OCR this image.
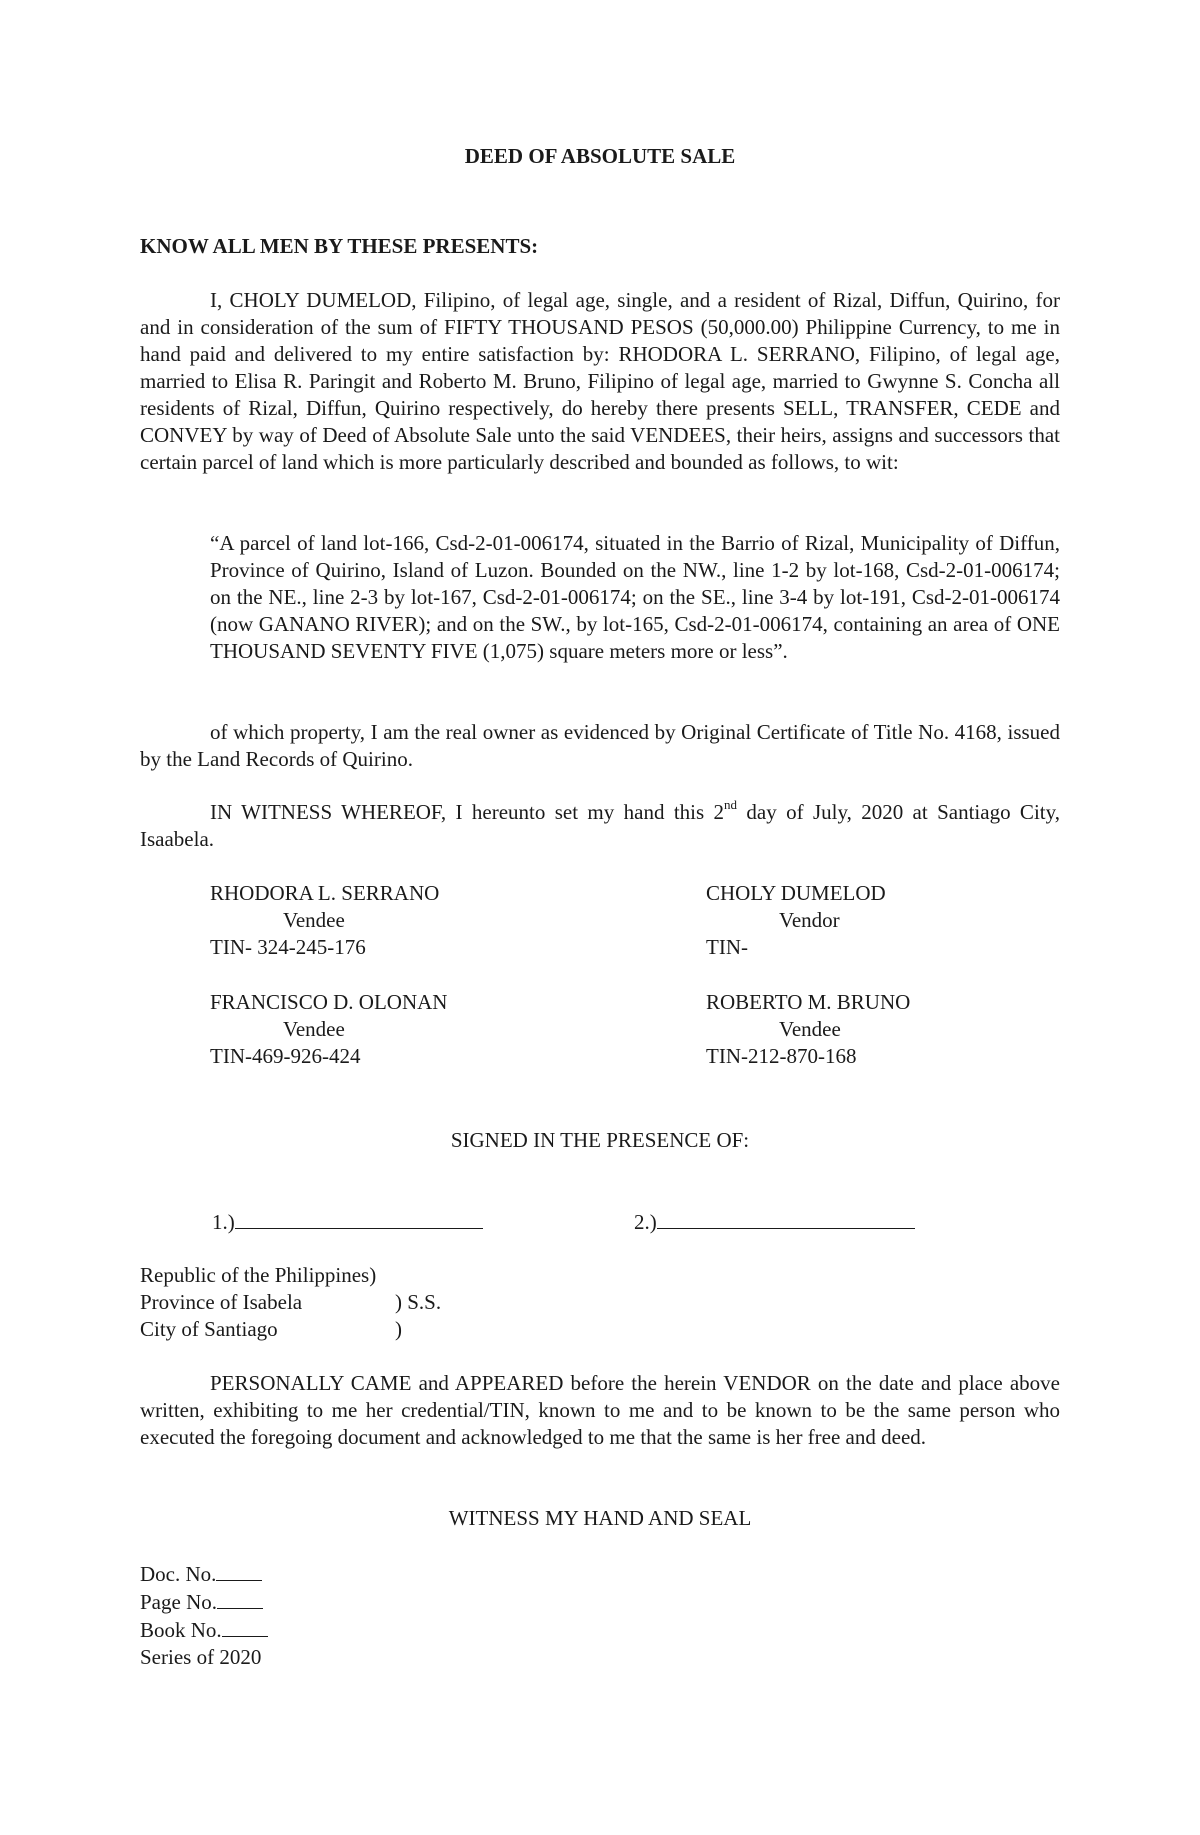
DEED OF ABSOLUTE SALE

KNOW ALL MEN BY THESE PRESENTS:

I, CHOLY DUMELOD, Filipino, of legal age, single, and a resident of Rizal, Diffun, Quirino, for and in consideration of the sum of FIFTY THOUSAND PESOS (50,000.00) Philippine Currency, to me in hand paid and delivered to my entire satisfaction by: RHODORA L. SERRANO, Filipino, of legal age, married to Elisa R. Paringit and Roberto M. Bruno, Filipino of legal age, married to Gwynne S. Concha all residents of Rizal, Diffun, Quirino respectively, do hereby there presents SELL, TRANSFER, CEDE and CONVEY by way of Deed of Absolute Sale unto the said VENDEES, their heirs, assigns and successors that certain parcel of land which is more particularly described and bounded as follows, to wit:

“A parcel of land lot-166, Csd-2-01-006174, situated in the Barrio of Rizal, Municipality of Diffun, Province of Quirino, Island of Luzon. Bounded on the NW., line 1-2 by lot-168, Csd-2-01-006174; on the NE., line 2-3 by lot-167, Csd-2-01-006174; on the SE., line 3-4 by lot-191, Csd-2-01-006174 (now GANANO RIVER); and on the SW., by lot-165, Csd-2-01-006174, containing an area of ONE THOUSAND SEVENTY FIVE (1,075) square meters more or less”.

of which property, I am the real owner as evidenced by Original Certificate of Title No. 4168, issued by the Land Records of Quirino.

IN WITNESS WHEREOF, I hereunto set my hand this 2nd day of July, 2020 at Santiago City, Isaabela.

RHODORA L. SERRANO
Vendee
TIN- 324-245-176
CHOLY DUMELOD
Vendor
TIN-
FRANCISCO D. OLONAN
Vendee
TIN-469-926-424
ROBERTO M. BRUNO
Vendee
TIN-212-870-168

SIGNED IN THE PRESENCE OF:

1.)	2.)
Republic of the Philippines)
Province of Isabela	) S.S.
City of Santiago	)

PERSONALLY CAME and APPEARED before the herein VENDOR on the date and place above written, exhibiting to me her credential/TIN, known to me and to be known to be the same person who executed the foregoing document and acknowledged to me that the same is her free and deed.

WITNESS MY HAND AND SEAL

Doc. No.
Page No.
Book No.
Series of 2020
